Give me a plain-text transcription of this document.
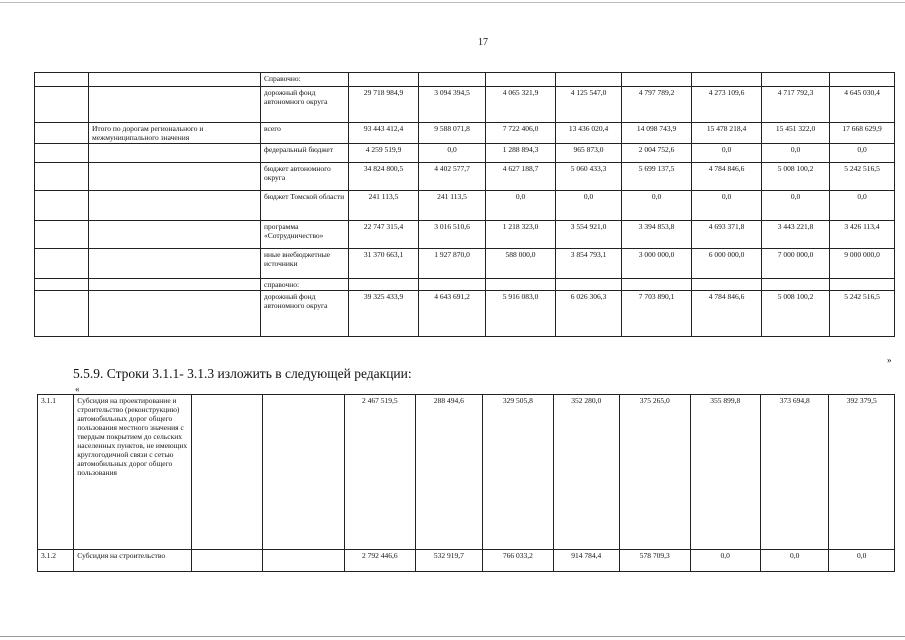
17
		Справочно:								
		дорожный фонд автономного округа	29 718 984,9	3 094 394,5	4 065 321,9	4 125 547,0	4 797 789,2	4 273 109,6	4 717 792,3	4 645 030,4
	Итого по дорогам регионального и межмуниципального значения	всего	93 443 412,4	9 588 071,8	7 722 406,0	13 436 020,4	14 098 743,9	15 478 218,4	15 451 322,0	17 668 629,9
		федеральный бюджет	4 259 519,9	0,0	1 288 894,3	965 873,0	2 004 752,6	0,0	0,0	0,0
		бюджет автономного округа	34 824 800,5	4 402 577,7	4 627 188,7	5 060 433,3	5 699 137,5	4 784 846,6	5 008 100,2	5 242 516,5
		бюджет Томской области	241 113,5	241 113,5	0,0	0,0	0,0	0,0	0,0	0,0
		программа «Сотрудничество»	22 747 315,4	3 016 510,6	1 218 323,0	3 554 921,0	3 394 853,8	4 693 371,8	3 443 221,8	3 426 113,4
		иные внебюджетные источники	31 370 663,1	1 927 870,0	588 000,0	3 854 793,1	3 000 000,0	6 000 000,0	7 000 000,0	9 000 000,0
		справочно:								
		дорожный фонд автономного округа	39 325 433,9	4 643 691,2	5 916 083,0	6 026 306,3	7 703 890,1	4 784 846,6	5 008 100,2	5 242 516,5
»
5.5.9. Строки 3.1.1- 3.1.3 изложить в следующей редакции:
«
3.1.1	Субсидия на проектирование и строительство (реконструкцию) автомобильных дорог общего пользования местного значения с твердым покрытием до сельских населенных пунктов, не имеющих круглогодичной связи с сетью автомобильных дорог общего пользования			2 467 519,5	288 494,6	329 505,8	352 280,0	375 265,0	355 899,8	373 694,8	392 379,5
3.1.2	Субсидия на строительство			2 792 446,6	532 919,7	766 033,2	914 784,4	578 709,3	0,0	0,0	0,0
